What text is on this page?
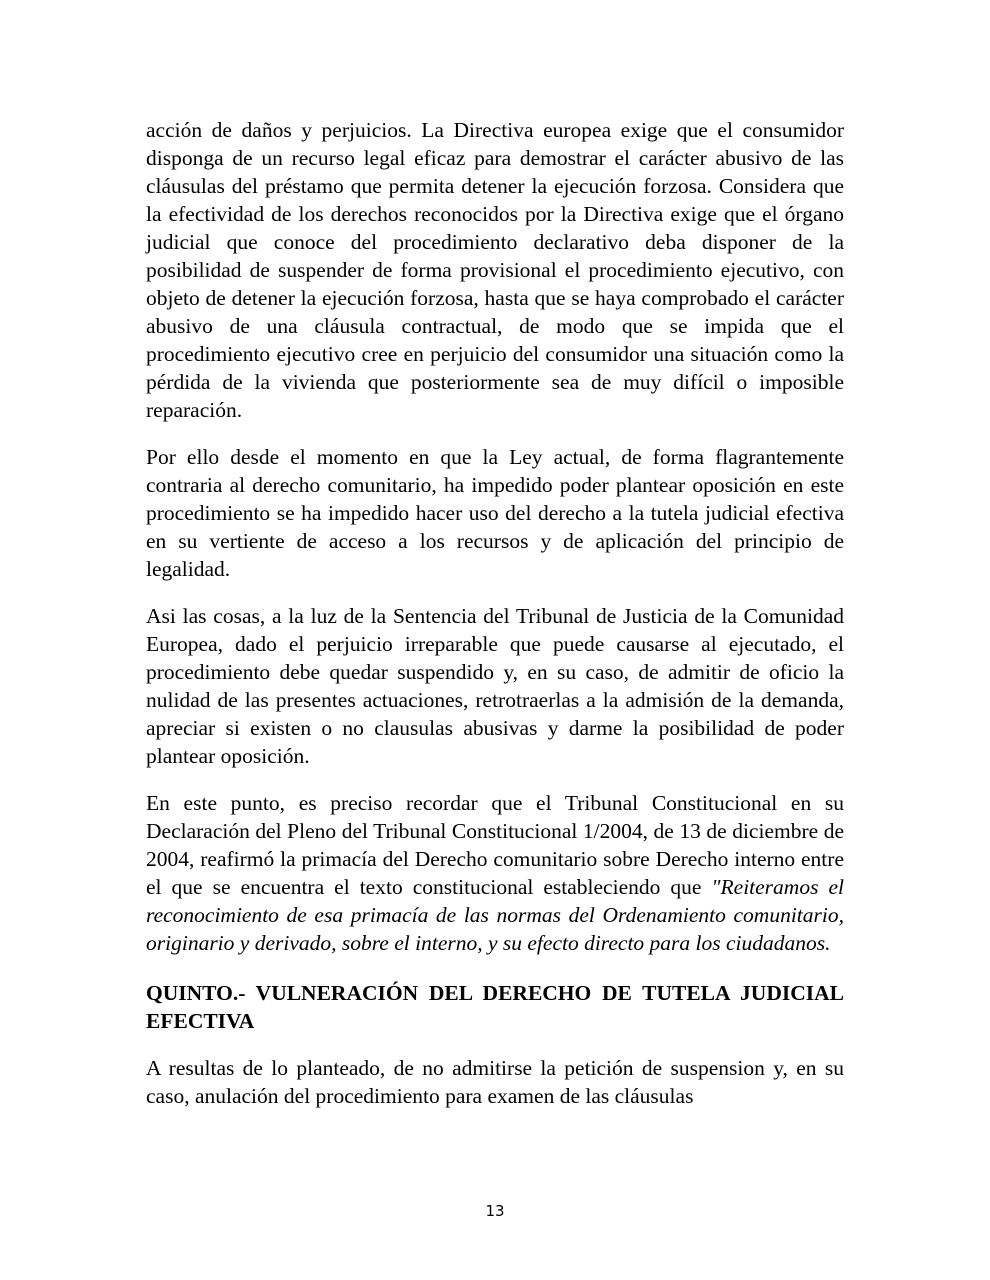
acción de daños y perjuicios. La Directiva europea exige que el consumidor disponga de un recurso legal eficaz para demostrar el carácter abusivo de las cláusulas del préstamo que permita detener la ejecución forzosa. Considera que la efectividad de los derechos reconocidos por la Directiva exige que el órgano judicial que conoce del procedimiento declarativo deba disponer de la posibilidad de suspender de forma provisional el procedimiento ejecutivo, con objeto de detener la ejecución forzosa, hasta que se haya comprobado el carácter abusivo de una cláusula contractual, de modo que se impida que el procedimiento ejecutivo cree en perjuicio del consumidor una situación como la pérdida de la vivienda que posteriormente sea de muy difícil o imposible reparación.

Por ello desde el momento en que la Ley actual, de forma flagrantemente contraria al derecho comunitario, ha impedido poder plantear oposición en este procedimiento se ha impedido hacer uso del derecho a la tutela judicial efectiva en su vertiente de acceso a los recursos y de aplicación del principio de legalidad.

Asi las cosas, a la luz de la Sentencia del Tribunal de Justicia de la Comunidad Europea, dado el perjuicio irreparable que puede causarse al ejecutado, el procedimiento debe quedar suspendido y, en su caso, de admitir de oficio la nulidad de las presentes actuaciones, retrotraerlas a la admisión de la demanda, apreciar si existen o no clausulas abusivas y darme la posibilidad de poder plantear oposición.

En este punto, es preciso recordar que el Tribunal Constitucional en su Declaración del Pleno del Tribunal Constitucional 1/2004, de 13 de diciembre de 2004, reafirmó la primacía del Derecho comunitario sobre Derecho interno entre el que se encuentra el texto constitucional estableciendo que "Reiteramos el reconocimiento de esa primacía de las normas del Ordenamiento comunitario, originario y derivado, sobre el interno, y su efecto directo para los ciudadanos.

QUINTO.- VULNERACIÓN DEL DERECHO DE TUTELA JUDICIAL EFECTIVA

A resultas de lo planteado, de no admitirse la petición de suspension y, en su caso, anulación del procedimiento para examen de las cláusulas

13
